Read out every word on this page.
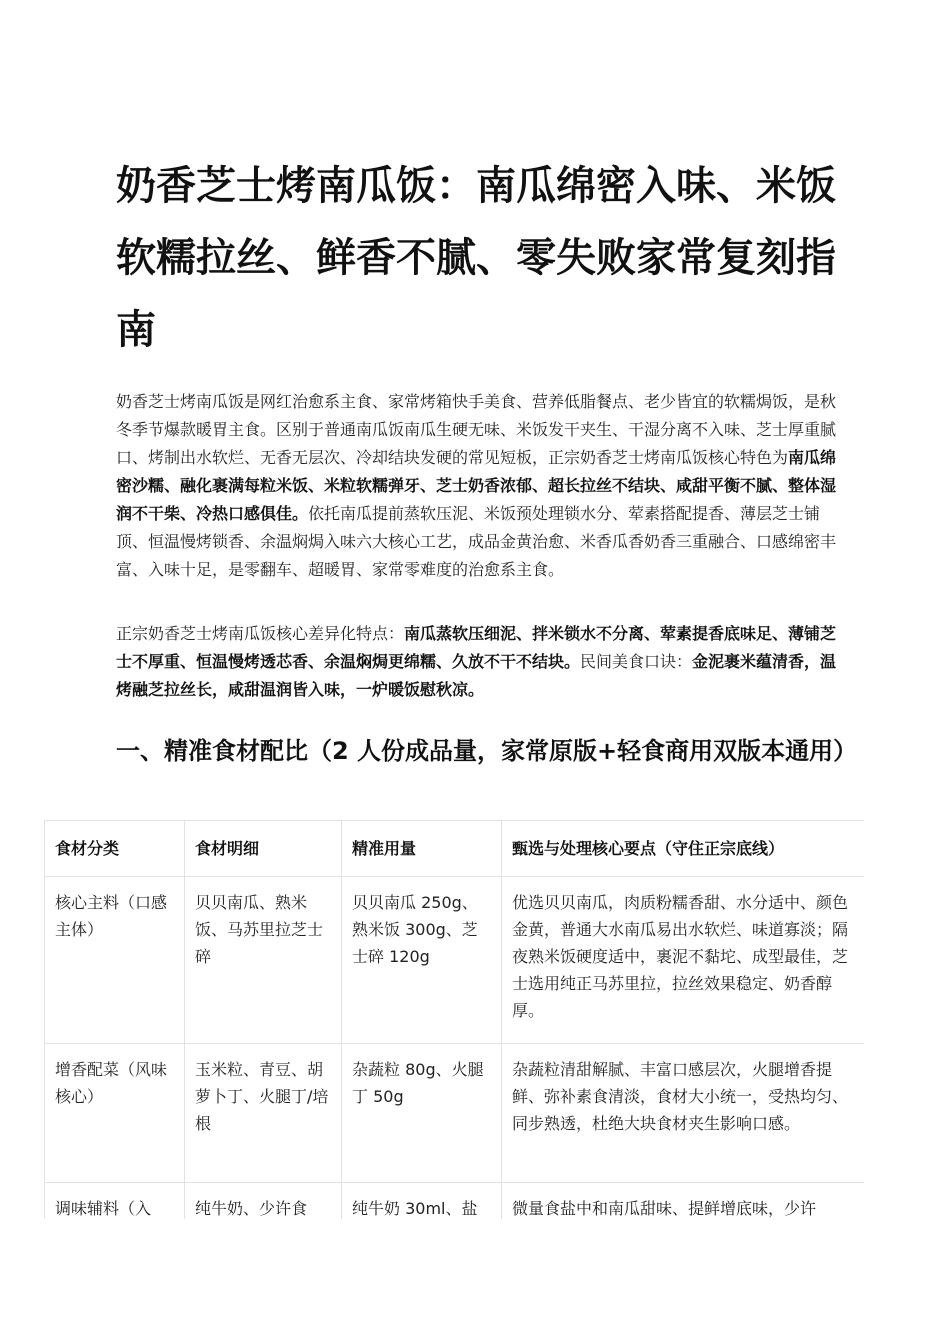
奶香芝士烤南瓜饭：南瓜绵密入味、米饭软糯拉丝、鲜香不腻、零失败家常复刻指南

奶香芝士烤南瓜饭是网红治愈系主食、家常烤箱快手美食、营养低脂餐点、老少皆宜的软糯焗饭，是秋冬季节爆款暖胃主食。区别于普通南瓜饭南瓜生硬无味、米饭发干夹生、干湿分离不入味、芝士厚重腻口、烤制出水软烂、无香无层次、冷却结块发硬的常见短板，正宗奶香芝士烤南瓜饭核心特色为南瓜绵密沙糯、融化裹满每粒米饭、米粒软糯弹牙、芝士奶香浓郁、超长拉丝不结块、咸甜平衡不腻、整体湿润不干柴、冷热口感俱佳。依托南瓜提前蒸软压泥、米饭预处理锁水分、荤素搭配提香、薄层芝士铺顶、恒温慢烤锁香、余温焖焗入味六大核心工艺，成品金黄治愈、米香瓜香奶香三重融合、口感绵密丰富、入味十足，是零翻车、超暖胃、家常零难度的治愈系主食。

正宗奶香芝士烤南瓜饭核心差异化特点：南瓜蒸软压细泥、拌米锁水不分离、荤素提香底味足、薄铺芝士不厚重、恒温慢烤透芯香、余温焖焗更绵糯、久放不干不结块。民间美食口诀：金泥裹米蕴清香，温烤融芝拉丝长，咸甜温润皆入味，一炉暖饭慰秋凉。

一、精准食材配比（2 人份成品量，家常原版+轻食商用双版本通用）
食材分类	食材明细	精准用量	甄选与处理核心要点（守住正宗底线）
核心主料（口感主体）	贝贝南瓜、熟米饭、马苏里拉芝士碎	贝贝南瓜 250g、熟米饭 300g、芝士碎 120g	优选贝贝南瓜，肉质粉糯香甜、水分适中、颜色金黄，普通大水南瓜易出水软烂、味道寡淡；隔夜熟米饭硬度适中，裹泥不黏坨、成型最佳，芝士选用纯正马苏里拉，拉丝效果稳定、奶香醇厚。
增香配菜（风味核心）	玉米粒、青豆、胡萝卜丁、火腿丁/培根	杂蔬粒 80g、火腿丁 50g	杂蔬粒清甜解腻、丰富口感层次，火腿增香提鲜、弥补素食清淡，食材大小统一，受热均匀、同步熟透，杜绝大块食材夹生影响口感。
调味辅料（入	纯牛奶、少许食	纯牛奶 30ml、盐	微量食盐中和南瓜甜味、提鲜增底味，少许
